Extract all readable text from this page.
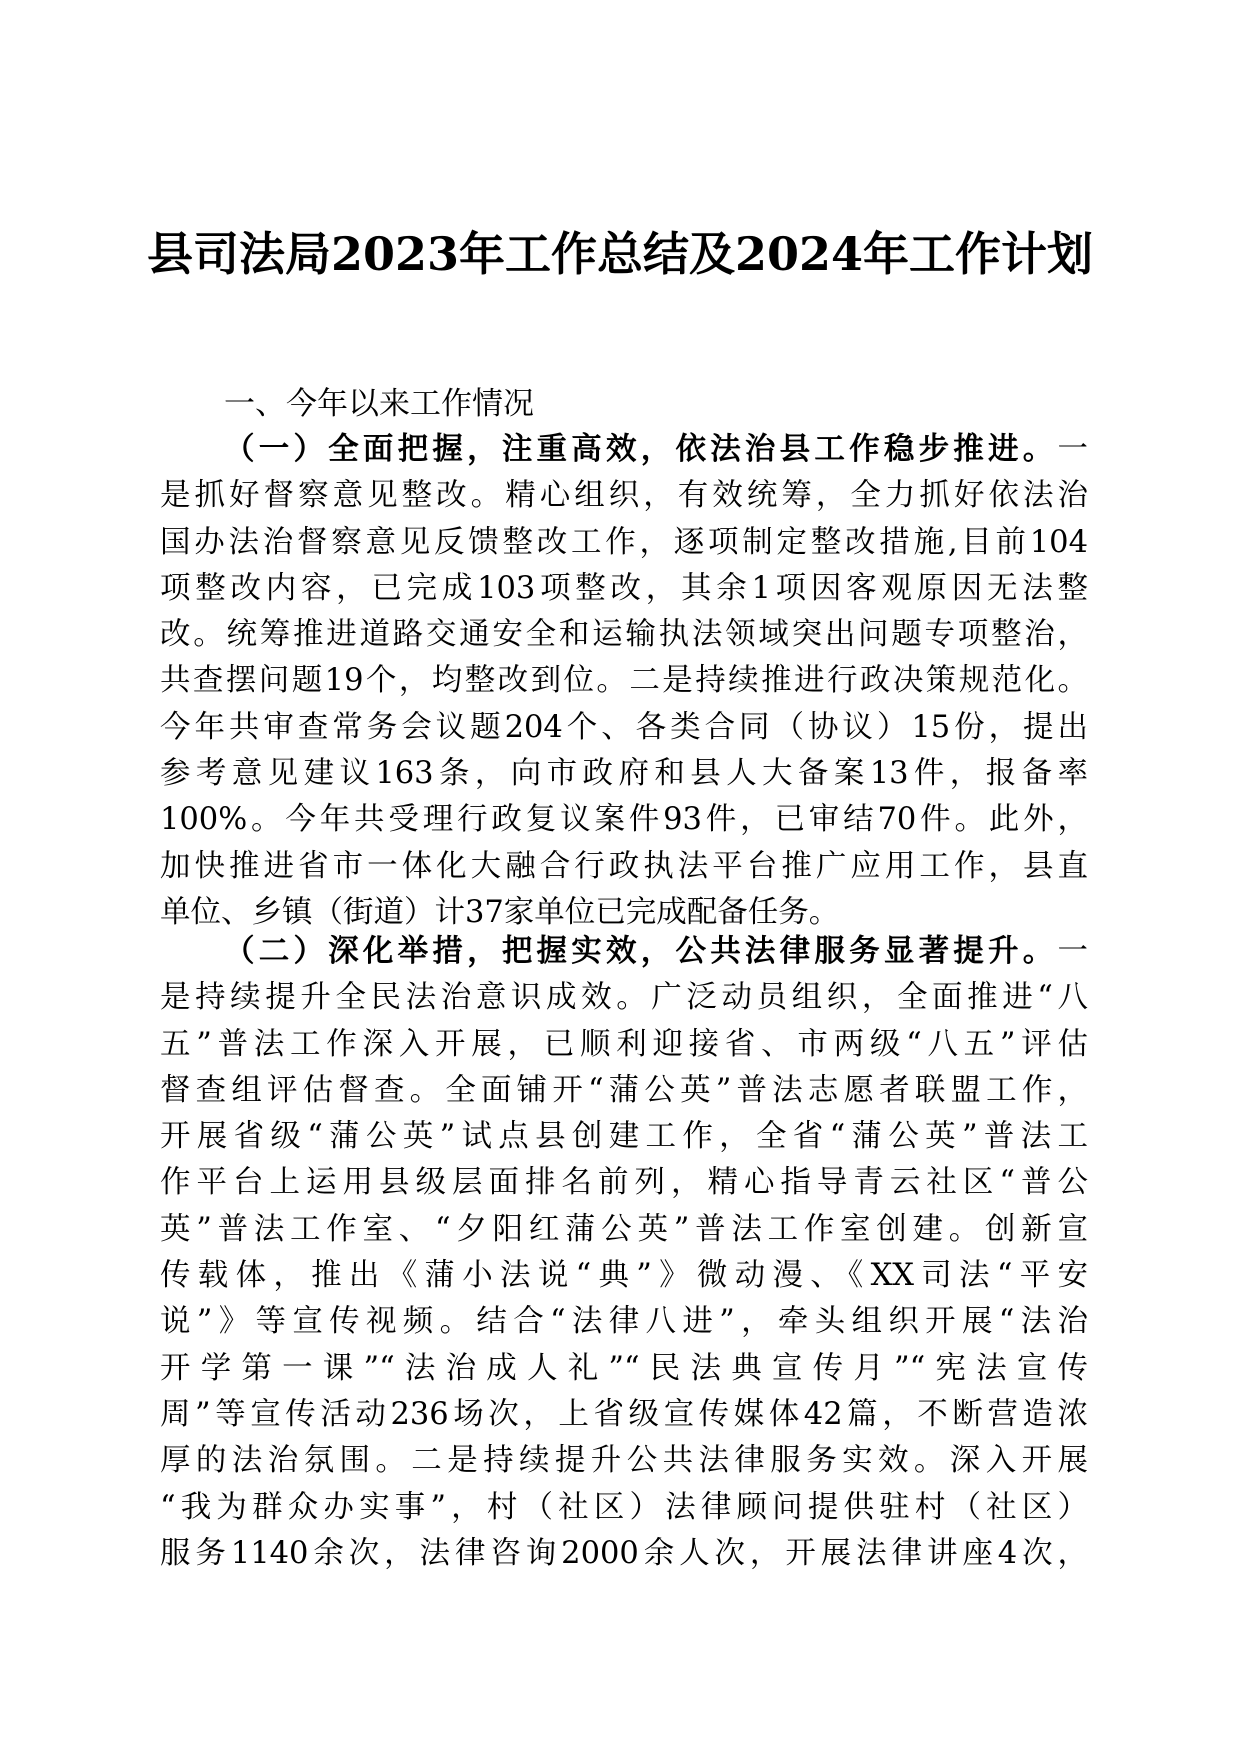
县司法局2023年工作总结及2024年工作计划
一、今年以来工作情况
（一）全面把握，注重高效，依法治县工作稳步推进。一
是抓好督察意见整改。精心组织，有效统筹，全力抓好依法治
国办法治督察意见反馈整改工作，逐项制定整改措施,目前104
项整改内容，已完成103项整改，其余1项因客观原因无法整
改。统筹推进道路交通安全和运输执法领域突出问题专项整治，
共查摆问题19个，均整改到位。二是持续推进行政决策规范化。
今年共审查常务会议题204个、各类合同（协议）15份，提出
参考意见建议163条，向市政府和县人大备案13件，报备率
100%。今年共受理行政复议案件93件，已审结70件。此外，
加快推进省市一体化大融合行政执法平台推广应用工作，县直
单位、乡镇（街道）计37家单位已完成配备任务。
（二）深化举措，把握实效，公共法律服务显著提升。一
是持续提升全民法治意识成效。广泛动员组织，全面推进“八
五”普法工作深入开展，已顺利迎接省、市两级“八五”评估
督查组评估督查。全面铺开“蒲公英”普法志愿者联盟工作，
开展省级“蒲公英”试点县创建工作，全省“蒲公英”普法工
作平台上运用县级层面排名前列，精心指导青云社区“普公
英”普法工作室、“夕阳红蒲公英”普法工作室创建。创新宣
传载体，推出《蒲小法说“典”》微动漫、《XX司法“平安
说”》等宣传视频。结合“法律八进”，牵头组织开展“法治
开学第一课”“法治成人礼”“民法典宣传月”“宪法宣传
周”等宣传活动236场次，上省级宣传媒体42篇，不断营造浓
厚的法治氛围。二是持续提升公共法律服务实效。深入开展
“我为群众办实事”，村（社区）法律顾问提供驻村（社区）
服务1140余次，法律咨询2000余人次，开展法律讲座4次，
